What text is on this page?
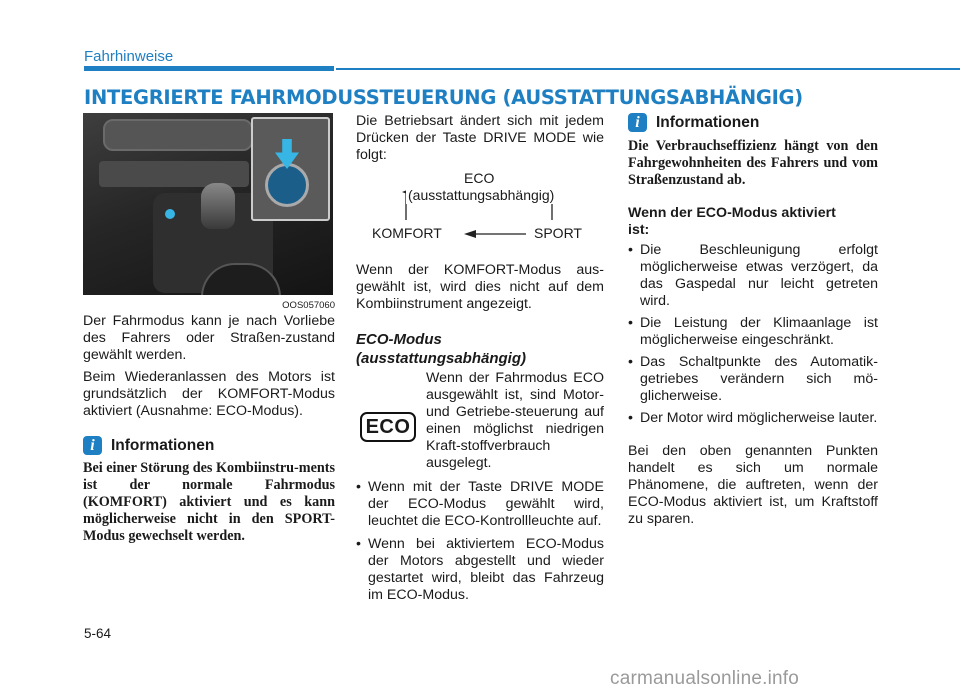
Fahrhinweise
INTEGRIERTE FAHRMODUSSTEUERUNG (AUSSTATTUNGSABHÄNGIG)
OOS057060

Der Fahrmodus kann je nach Vorliebe des Fahrers oder Straßen-zustand gewählt werden.

Beim Wiederanlassen des Motors ist grundsätzlich der KOMFORT-Modus aktiviert (Ausnahme: ECO-Modus).

i	Informationen

Bei einer Störung des Kombiinstru-ments ist der normale Fahrmodus (KOMFORT) aktiviert und es kann möglicherweise nicht in den SPORT-Modus gewechselt werden.

Die Betriebsart ändert sich mit jedem Drücken der Taste DRIVE MODE wie folgt:

ECO
(ausstattungsabhängig)
KOMFORT	SPORT

Wenn der KOMFORT-Modus aus-gewählt ist, wird dies nicht auf dem Kombiinstrument angezeigt.

ECO-Modus
(ausstattungsabhängig)
ECO

Wenn der Fahrmodus ECO ausgewählt ist, sind Motor- und Getriebe-steuerung auf einen möglichst niedrigen Kraft-stoffverbrauch ausgelegt.

• Wenn mit der Taste DRIVE MODE der ECO-Modus gewählt wird, leuchtet die ECO-Kontrollleuchte auf.
• Wenn bei aktiviertem ECO-Modus der Motors abgestellt und wieder gestartet wird, bleibt das Fahrzeug im ECO-Modus.
i	Informationen

Die Verbrauchseffizienz hängt von den Fahrgewohnheiten des Fahrers und vom Straßenzustand ab.

Wenn der ECO-Modus aktiviert ist:
• Die Beschleunigung erfolgt möglicherweise etwas verzögert, da das Gaspedal nur leicht getreten wird.
• Die Leistung der Klimaanlage ist möglicherweise eingeschränkt.
• Das Schaltpunkte des Automatik-getriebes verändern sich mö-glicherweise.
• Der Motor wird möglicherweise lauter.

Bei den oben genannten Punkten handelt es sich um normale Phänomene, die auftreten, wenn der ECO-Modus aktiviert ist, um Kraftstoff zu sparen.

5-64
carmanualsonline.info
